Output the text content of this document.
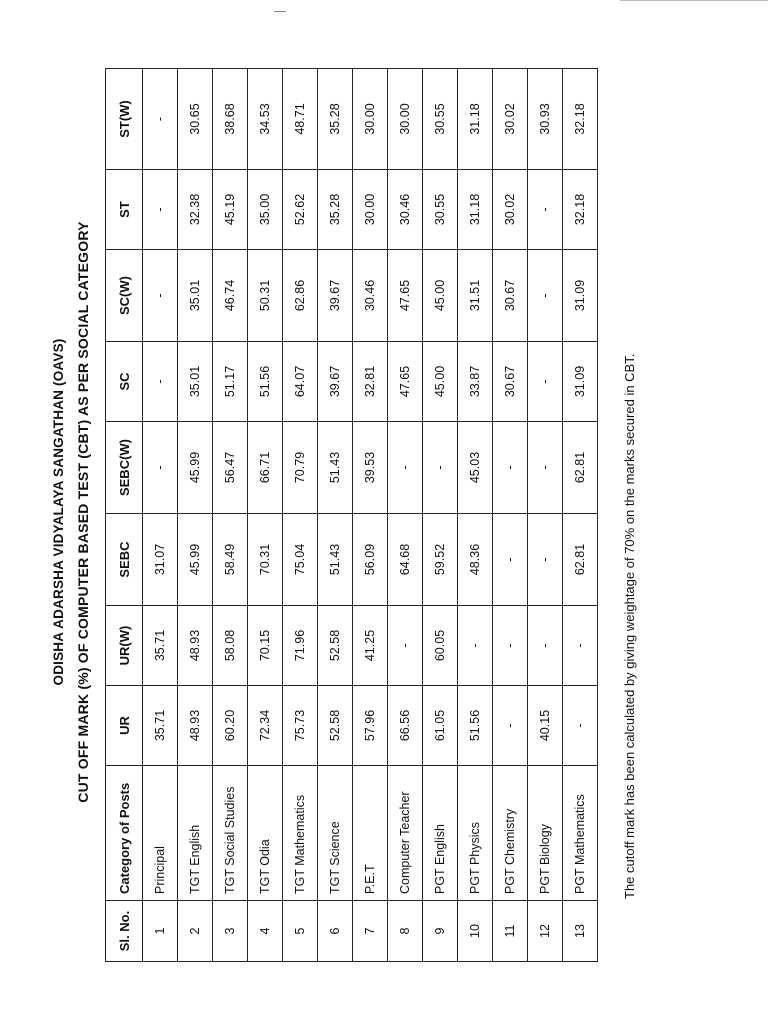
ODISHA ADARSHA VIDYALAYA SANGATHAN (OAVS) CUT OFF MARK (%) OF COMPUTER BASED TEST (CBT) AS PER SOCIAL CATEGORY
Sl. No.	Category of Posts	UR	UR(W)	SEBC	SEBC(W)	SC	SC(W)	ST	ST(W)
1	Principal	35.71	35.71	31.07	-	-	-	-	-
2	TGT English	48.93	48.93	45.99	45.99	35.01	35.01	32.38	30.65
3	TGT Social Studies	60.20	58.08	58.49	56.47	51.17	46.74	45.19	38.68
4	TGT Odia	72.34	70.15	70.31	66.71	51.56	50.31	35.00	34.53
5	TGT Mathematics	75.73	71.96	75.04	70.79	64.07	62.86	52.62	48.71
6	TGT Science	52.58	52.58	51.43	51.43	39.67	39.67	35.28	35.28
7	P.E.T	57.96	41.25	56.09	39.53	32.81	30.46	30.00	30.00
8	Computer Teacher	66.56	-	64.68	-	47.65	47.65	30.46	30.00
9	PGT English	61.05	60.05	59.52	-	45.00	45.00	30.55	30.55
10	PGT Physics	51.56	-	48.36	45.03	33.87	31.51	31.18	31.18
11	PGT Chemistry	-	-	-	-	30.67	30.67	30.02	30.02
12	PGT Biology	40.15	-	-	-	-	-	-	30.93
13	PGT Mathematics	-	-	62.81	62.81	31.09	31.09	32.18	32.18
The cutoff mark has been calculated by giving weightage of 70% on the marks secured in CBT.
